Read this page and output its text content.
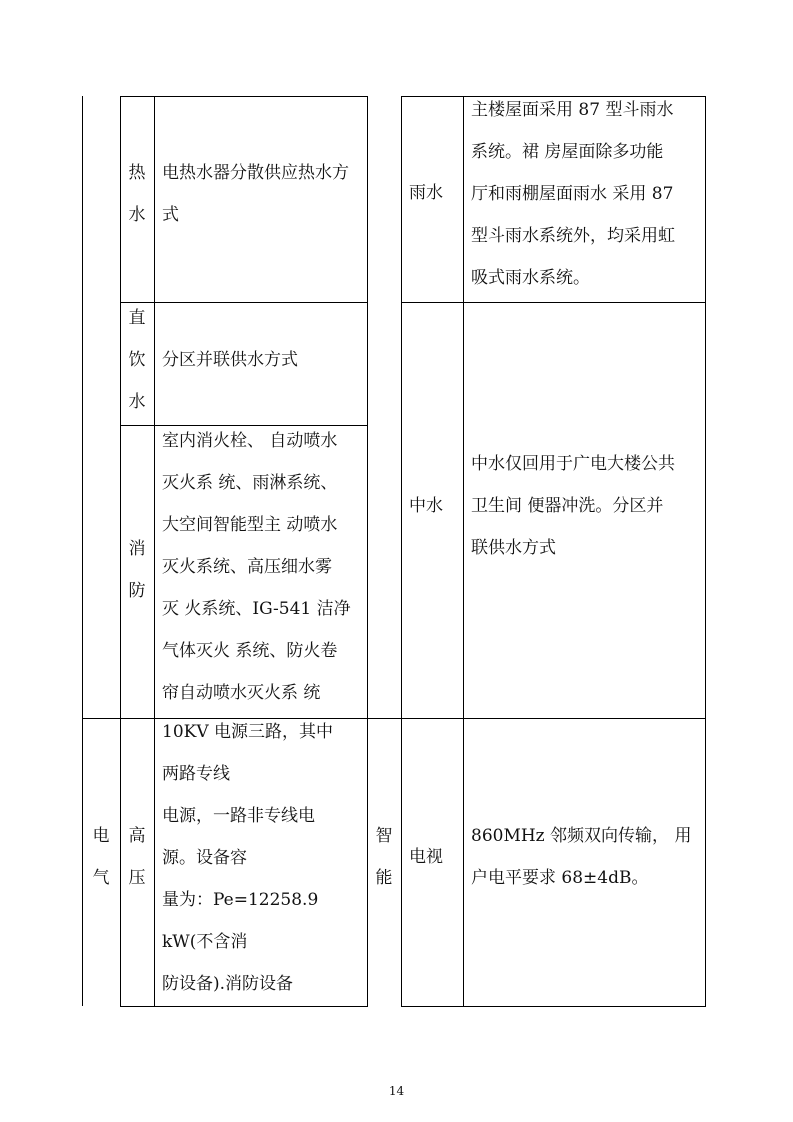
热
水
电热水器分散供应热水方式
直
饮
水
分区并联供水方式
消
防
室内消火栓、 自动喷水
灭火系 统、雨淋系统、
大空间智能型主 动喷水
灭火系统、高压细水雾
灭 火系统、IG-541 洁净
气体灭火 系统、防火卷
帘自动喷水灭火系 统
电
气
高
压
10KV 电源三路，其中
两路专线
电源，一路非专线电
源。设备容
量为：Pe=12258.9
kW(不含消
防设备).消防设备
雨水
主楼屋面采用 87 型斗雨水
系统。裙 房屋面除多功能
厅和雨棚屋面雨水 采用 87
型斗雨水系统外，均采用虹
吸式雨水系统。
中水
中水仅回用于广电大楼公共
卫生间 便器冲洗。分区并
联供水方式
智
能
电视
860MHz 邻频双向传输， 用
户电平要求 68±4dB。
14
